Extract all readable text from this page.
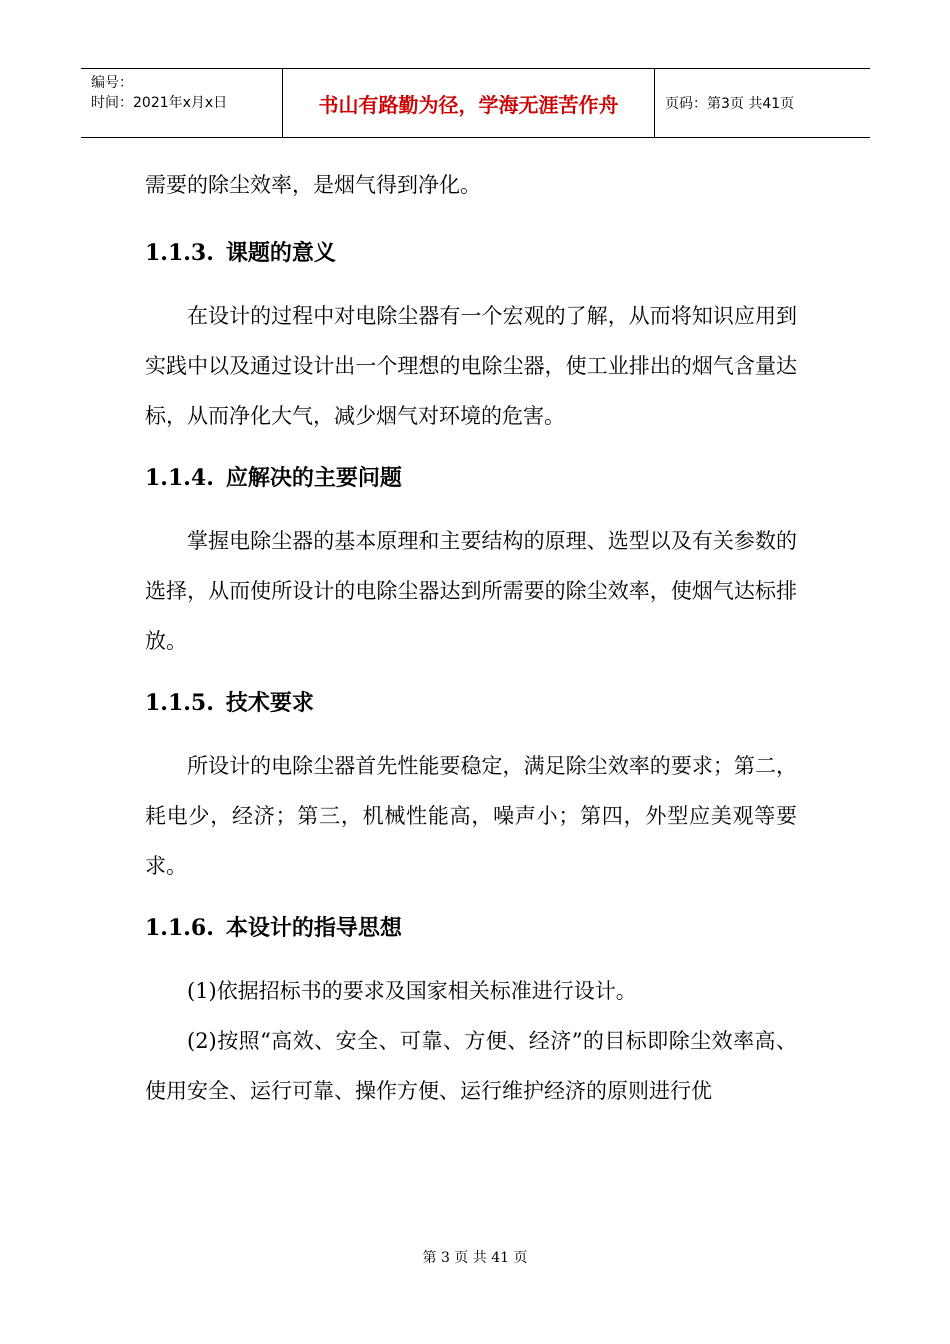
编号：
时间：2021年x月x日	书山有路勤为径，学海无涯苦作舟	页码：第3页 共41页

需要的除尘效率，是烟气得到净化。

1.1.3. 课题的意义

在设计的过程中对电除尘器有一个宏观的了解，从而将知识应用到实践中以及通过设计出一个理想的电除尘器，使工业排出的烟气含量达标，从而净化大气，减少烟气对环境的危害。

1.1.4. 应解决的主要问题

掌握电除尘器的基本原理和主要结构的原理、选型以及有关参数的选择，从而使所设计的电除尘器达到所需要的除尘效率，使烟气达标排放。

1.1.5. 技术要求

所设计的电除尘器首先性能要稳定，满足除尘效率的要求；第二，耗电少，经济；第三，机械性能高，噪声小；第四，外型应美观等要求。

1.1.6. 本设计的指导思想

(1)依据招标书的要求及国家相关标准进行设计。

(2)按照“高效、安全、可靠、方便、经济”的目标即除尘效率高、使用安全、运行可靠、操作方便、运行维护经济的原则进行优

第 3 页 共 41 页
